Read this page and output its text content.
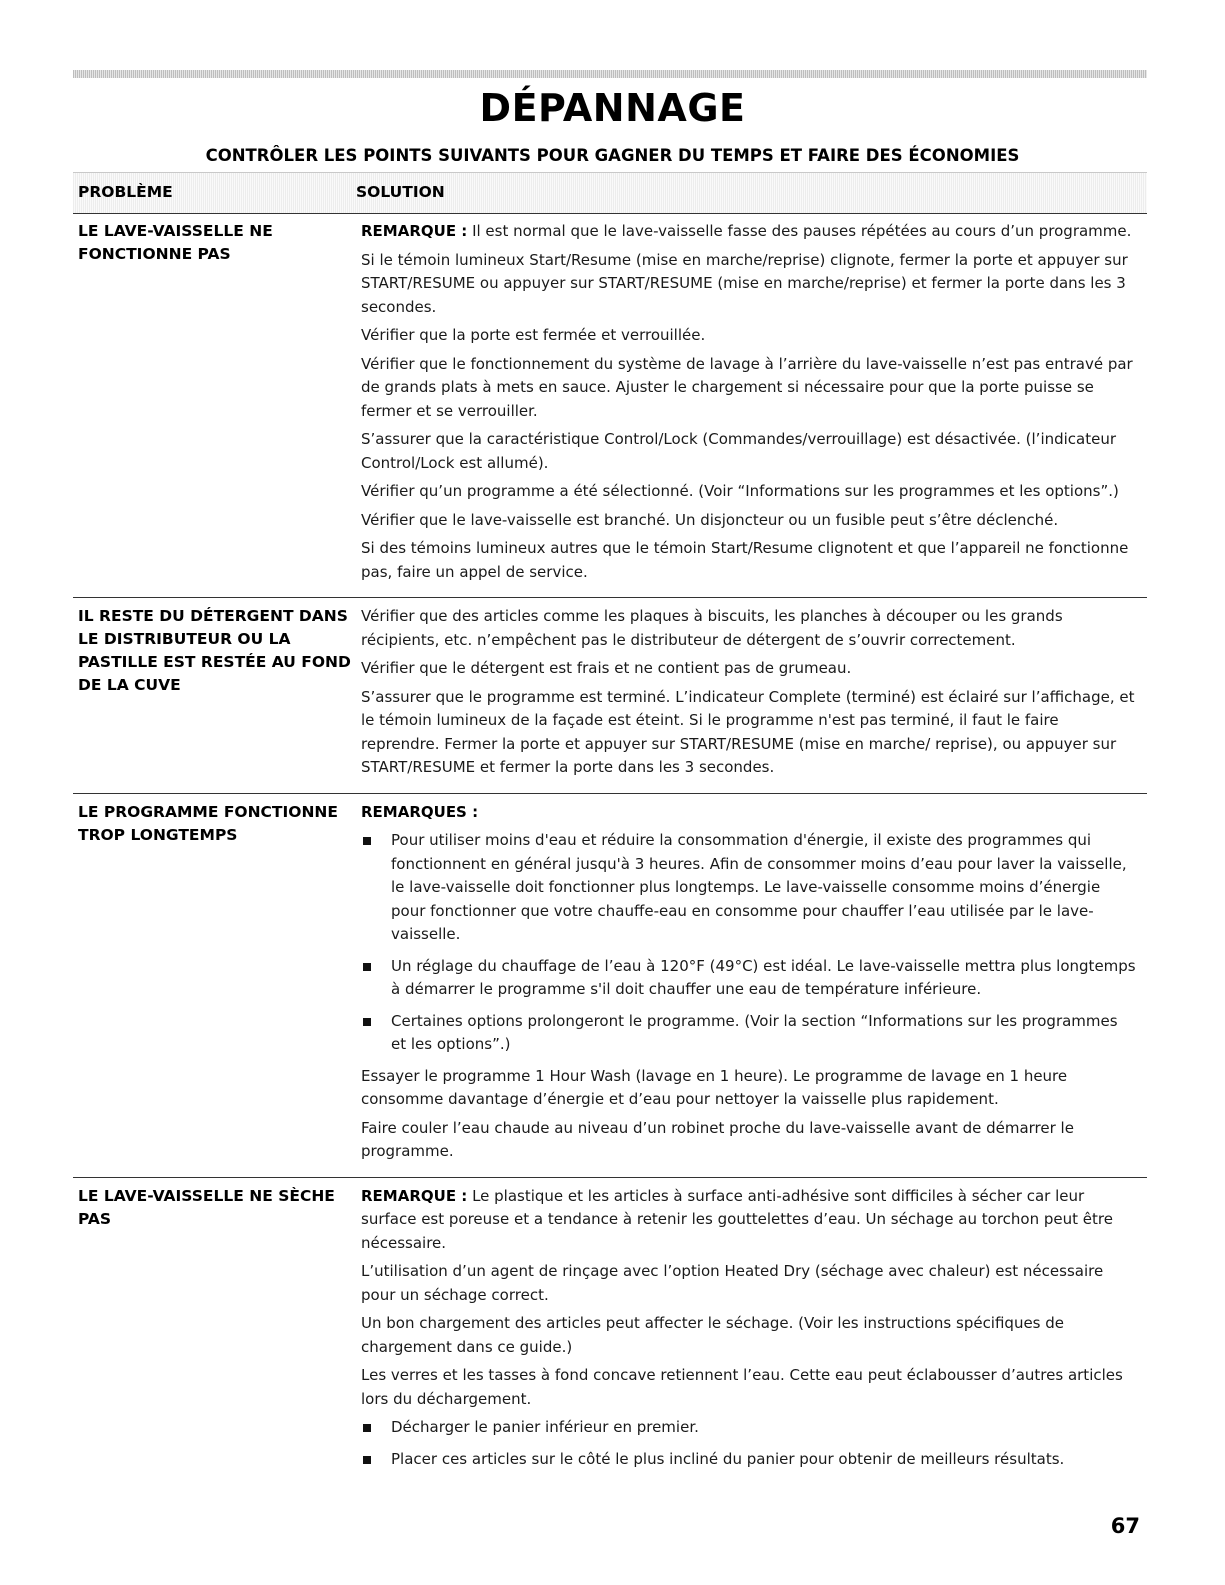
DÉPANNAGE
CONTRÔLER LES POINTS SUIVANTS POUR GAGNER DU TEMPS ET FAIRE DES ÉCONOMIES
PROBLÈME	SOLUTION
LE LAVE-VAISSELLE NE FONCTIONNE PAS

REMARQUE : Il est normal que le lave-vaisselle fasse des pauses répétées au cours d’un programme.

Si le témoin lumineux Start/Resume (mise en marche/reprise) clignote, fermer la porte et appuyer sur START/RESUME ou appuyer sur START/RESUME (mise en marche/reprise) et fermer la porte dans les 3 secondes.

Vérifier que la porte est fermée et verrouillée.

Vérifier que le fonctionnement du système de lavage à l’arrière du lave-vaisselle n’est pas entravé par de grands plats à mets en sauce. Ajuster le chargement si nécessaire pour que la porte puisse se fermer et se verrouiller.

S’assurer que la caractéristique Control/Lock (Commandes/verrouillage) est désactivée. (l’indicateur Control/Lock est allumé).

Vérifier qu’un programme a été sélectionné. (Voir “Informations sur les programmes et les options”.)

Vérifier que le lave-vaisselle est branché. Un disjoncteur ou un fusible peut s’être déclenché.

Si des témoins lumineux autres que le témoin Start/Resume clignotent et que l’appareil ne fonctionne pas, faire un appel de service.

IL RESTE DU DÉTERGENT DANS LE DISTRIBUTEUR OU LA PASTILLE EST RESTÉE AU FOND DE LA CUVE

Vérifier que des articles comme les plaques à biscuits, les planches à découper ou les grands récipients, etc. n’empêchent pas le distributeur de détergent de s’ouvrir correctement.

Vérifier que le détergent est frais et ne contient pas de grumeau.

S’assurer que le programme est terminé. L’indicateur Complete (terminé) est éclairé sur l’affichage, et le témoin lumineux de la façade est éteint. Si le programme n'est pas terminé, il faut le faire reprendre. Fermer la porte et appuyer sur START/RESUME (mise en marche/ reprise), ou appuyer sur START/RESUME et fermer la porte dans les 3 secondes.

LE PROGRAMME FONCTIONNE TROP LONGTEMPS

REMARQUES :

Pour utiliser moins d'eau et réduire la consommation d'énergie, il existe des programmes qui fonctionnent en général jusqu'à 3 heures. Afin de consommer moins d’eau pour laver la vaisselle, le lave-vaisselle doit fonctionner plus longtemps. Le lave-vaisselle consomme moins d’énergie pour fonctionner que votre chauffe-eau en consomme pour chauffer l’eau utilisée par le lave-vaisselle.
Un réglage du chauffage de l’eau à 120°F (49°C) est idéal. Le lave-vaisselle mettra plus longtemps à démarrer le programme s'il doit chauffer une eau de température inférieure.
Certaines options prolongeront le programme. (Voir la section “Informations sur les programmes et les options”.)

Essayer le programme 1 Hour Wash (lavage en 1 heure). Le programme de lavage en 1 heure consomme davantage d’énergie et d’eau pour nettoyer la vaisselle plus rapidement.

Faire couler l’eau chaude au niveau d’un robinet proche du lave-vaisselle avant de démarrer le programme.

LE LAVE-VAISSELLE NE SÈCHE PAS

REMARQUE : Le plastique et les articles à surface anti-adhésive sont difficiles à sécher car leur surface est poreuse et a tendance à retenir les gouttelettes d’eau. Un séchage au torchon peut être nécessaire.

L’utilisation d’un agent de rinçage avec l’option Heated Dry (séchage avec chaleur) est nécessaire pour un séchage correct.

Un bon chargement des articles peut affecter le séchage. (Voir les instructions spécifiques de chargement dans ce guide.)

Les verres et les tasses à fond concave retiennent l’eau. Cette eau peut éclabousser d’autres articles lors du déchargement.

Décharger le panier inférieur en premier.
Placer ces articles sur le côté le plus incliné du panier pour obtenir de meilleurs résultats.
67
